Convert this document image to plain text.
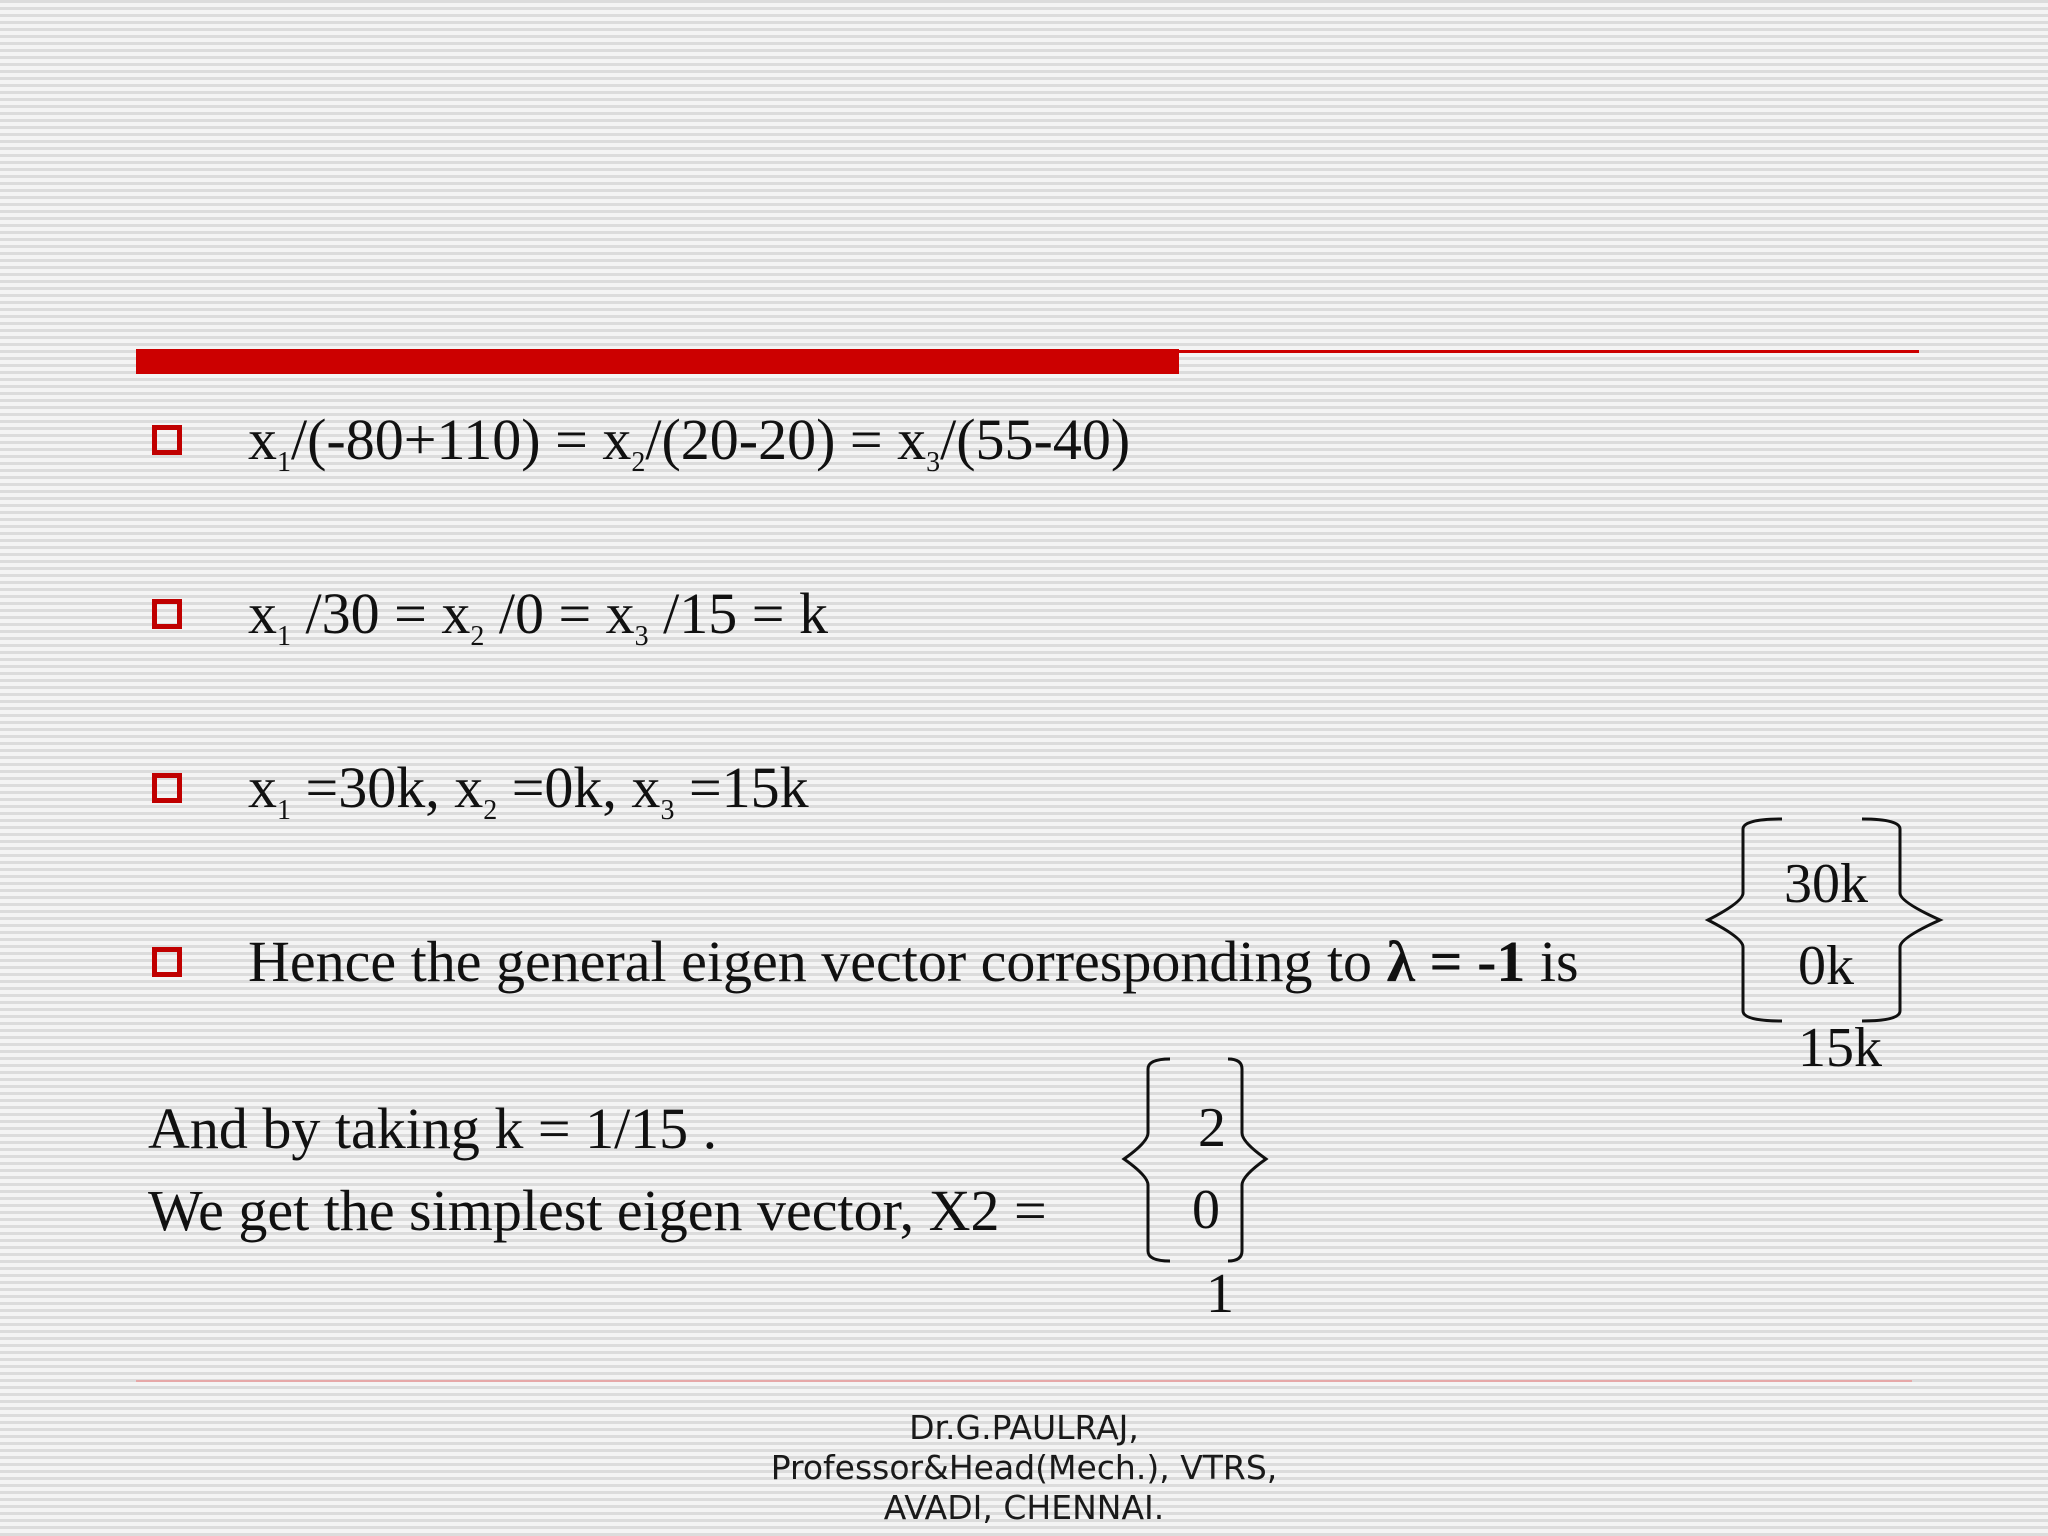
$x_1/(-80+110) = x_2/(20-20) = x_3/(55-40)$
$x_1$ $/30 = x_2$ $/0 = x_3$ /15 = k
$x_1 =30k$, $x_2 =0k$, $x_3 =15k$
Hence the general eigen vector corresponding to λ = -1 is
30k
0k
15k
And by taking k = 1/15 .
We get the simplest eigen vector, X2 =
2
0
1
Dr.G.PAULRAJ,
Professor&Head(Mech.), VTRS,
AVADI, CHENNAI.
